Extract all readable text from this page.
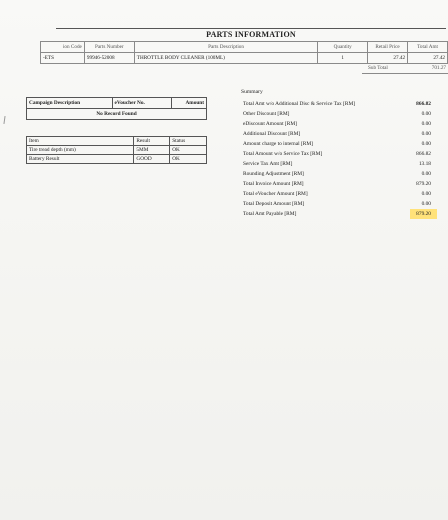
PARTS INFORMATION
ion Code	Parts Number	Parts Description	Quantity	Retail Price	Total Amt
-ETS	99946-52008	THROTTLE BODY CLEANER (100ML)	1	27.42	27.42
Sub Total	701.27
Campaign Description	eVoucher No.	Amount
No Record Found
Item	Result	Status
Tire tread depth (mm)	5MM	OK
Battery Result	GOOD	OK
Summary
Total Amt w/o Additional Disc & Service Tax [RM]	866.82
Other Discount [RM]	0.00
eDiscount Amount [RM]	0.00
Additional Discount [RM]	0.00
Amount charge to internal [RM]	0.00
Total Amount w/o Service Tax [RM]	866.82
Service Tax Amt [RM]	13.18
Rounding Adjustment [RM]	0.00
Total Invoice Amount [RM]	879.20
Total eVoucher Amount [RM]	0.00
Total Deposit Amount [RM]	0.00
Total Amt Payable [RM]	879.20
